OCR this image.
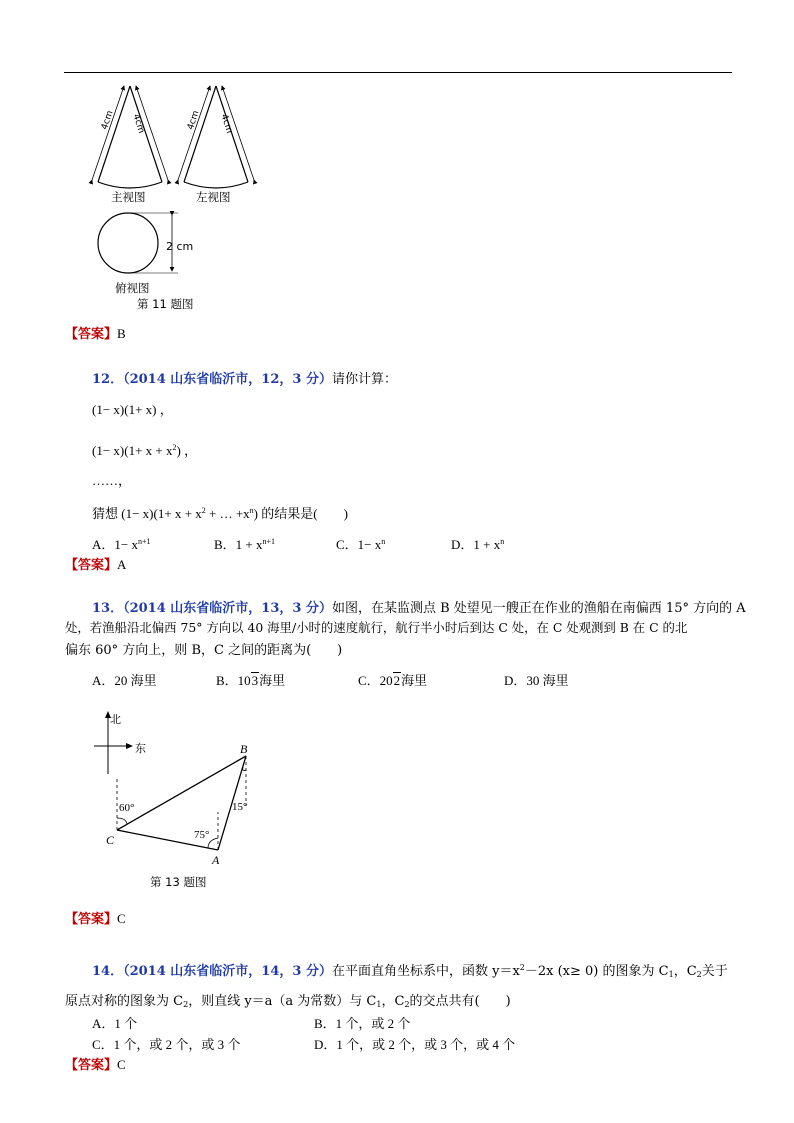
4cm 4cm	4cm 4cm
主视图	左视图
2 cm
俯视图
第 11 题图
【答案】B
12．（2014 山东省临沂市，12，3 分）请你计算：
(1− x)(1+ x) ，
$(1- x)(1+ x + x^2)$ ，
……，
猜想 $(1- x)(1+ x + x^2$ + … $+x^n$) 的结果是(　　)
A．$1- x^{n+1}$	B．$1 + x^{n+1}$	C．$1- x^n$	D．$1 + x^n$
【答案】A
13．（2014 山东省临沂市，13，3 分）如图，在某监测点 B 处望见一艘正在作业的渔船在南偏西 15° 方向的 A
处，若渔船沿北偏西 75° 方向以 40 海里/小时的速度航行，航行半小时后到达 C 处，在 C 处观测到 B 在 C 的北
偏东 60° 方向上，则 B，C 之间的距离为(　　)
A．20 海里	B．103海里	C．202海里	D．30 海里
北
东	B
60°	15°
75°
C
A
第 13 题图
【答案】C
14．（2014 山东省临沂市，14，3 分）在平面直角坐标系中，函数 $y=x^2-2x$ (x≥ 0) 的图象为 $C_1$，$C_2$关于
原点对称的图象为 $C_2$，则直线 y＝a（a 为常数）与 $C_1$，$C_2$的交点共有(　　)
A．1 个	B．1 个，或 2 个
C．1 个，或 2 个，或 3 个	D．1 个，或 2 个，或 3 个，或 4 个
【答案】C
